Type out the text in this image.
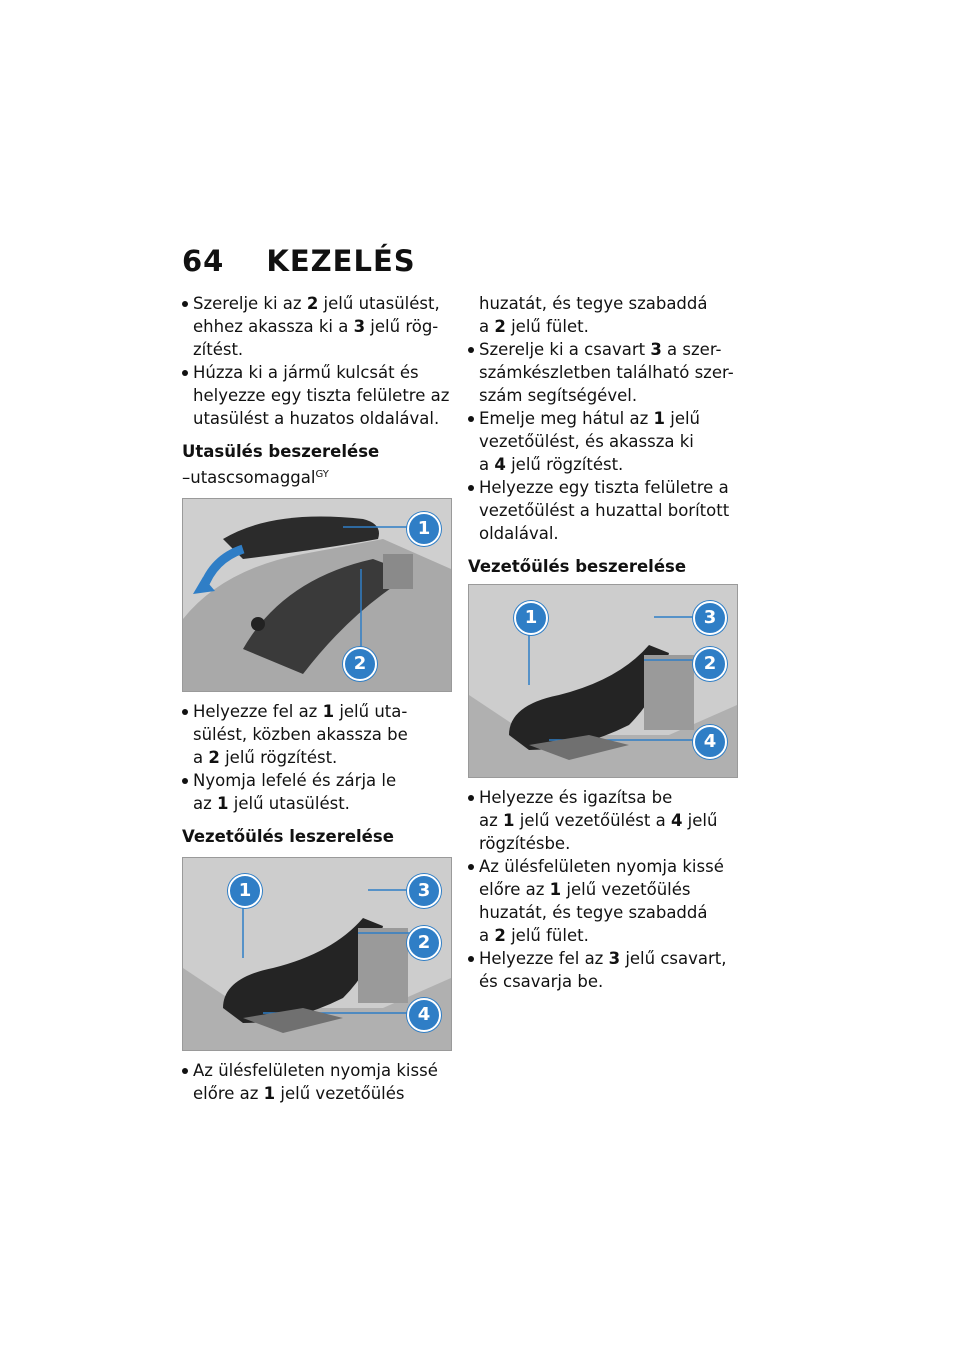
64 KEZELÉS

Szerelje ki az 2 jelű utasülést,

ehhez akassza ki a 3 jelű rög-

zítést.

Húzza ki a jármű kulcsát és

helyezze egy tiszta felületre az

utasülést a huzatos oldalával.

Utasülés beszerelése

–utascsomaggal$^{GY}$

1
2

Helyezze fel az 1 jelű uta-

sülést, közben akassza be

a 2 jelű rögzítést.

Nyomja lefelé és zárja le

az 1 jelű utasülést.

Vezetőülés leszerelése

1
2
3
4

Az ülésfelületen nyomja kissé

előre az 1 jelű vezetőülés

huzatát, és tegye szabaddá

a 2 jelű fület.

Szerelje ki a csavart 3 a szer-

számkészletben található szer-

szám segítségével.

Emelje meg hátul az 1 jelű

vezetőülést, és akassza ki

a 4 jelű rögzítést.

Helyezze egy tiszta felületre a

vezetőülést a huzattal borított

oldalával.

Vezetőülés beszerelése

1
2
3
4

Helyezze és igazítsa be

az 1 jelű vezetőülést a 4 jelű

rögzítésbe.

Az ülésfelületen nyomja kissé

előre az 1 jelű vezetőülés

huzatát, és tegye szabaddá

a 2 jelű fület.

Helyezze fel az 3 jelű csavart,

és csavarja be.
